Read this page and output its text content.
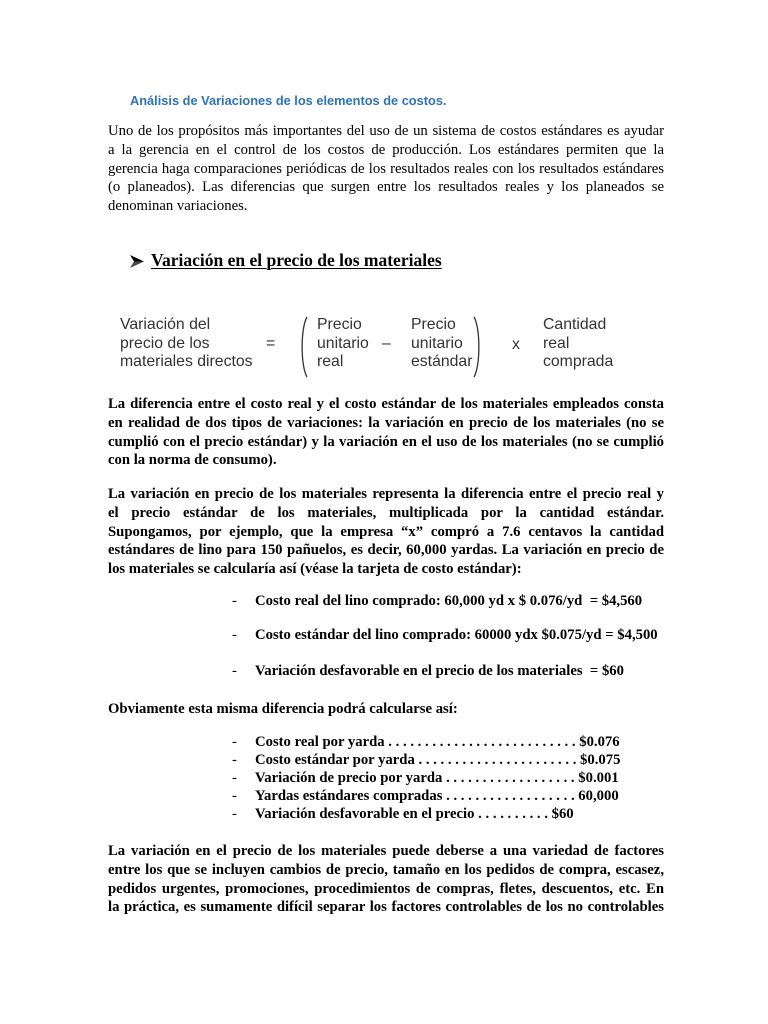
Análisis de Variaciones de los elementos de costos.
Uno de los propósitos más importantes del uso de un sistema de costos estándares es ayudar
a la gerencia en el control de los costos de producción. Los estándares permiten que la
gerencia haga comparaciones periódicas de los resultados reales con los resultados estándares
(o planeados). Las diferencias que surgen entre los resultados reales y los planeados se
denominan variaciones.
Variación en el precio de los materiales
Variación del
precio de los
materiales directos
=
Precio
unitario
real
–
Precio
unitario
estándar
x
Cantidad
real
comprada
La diferencia entre el costo real y el costo estándar de los materiales empleados consta
en realidad de dos tipos de variaciones: la variación en precio de los materiales (no se
cumplió con el precio estándar) y la variación en el uso de los materiales (no se cumplió
con la norma de consumo).
La variación en precio de los materiales representa la diferencia entre el precio real y
el precio estándar de los materiales, multiplicada por la cantidad estándar.
Supongamos, por ejemplo, que la empresa “x” compró a 7.6 centavos la cantidad
estándares de lino para 150 pañuelos, es decir, 60,000 yardas. La variación en precio de
los materiales se calcularía así (véase la tarjeta de costo estándar):
- Costo real del lino comprado: 60,000 yd x $ 0.076/yd  = $4,560
- Costo estándar del lino comprado: 60000 ydx $0.075/yd = $4,500
- Variación desfavorable en el precio de los materiales  = $60
Obviamente esta misma diferencia podrá calcularse así:
- Costo real por yarda . . . . . . . . . . . . . . . . . . . . . . . . . . $0.076
- Costo estándar por yarda . . . . . . . . . . . . . . . . . . . . . . $0.075
- Variación de precio por yarda . . . . . . . . . . . . . . . . . . $0.001
- Yardas estándares compradas . . . . . . . . . . . . . . . . . . 60,000
- Variación desfavorable en el precio . . . . . . . . . . $60
La variación en el precio de los materiales puede deberse a una variedad de factores
entre los que se incluyen cambios de precio, tamaño en los pedidos de compra, escasez,
pedidos urgentes, promociones, procedimientos de compras, fletes, descuentos, etc. En
la práctica, es sumamente difícil separar los factores controlables de los no controlables
